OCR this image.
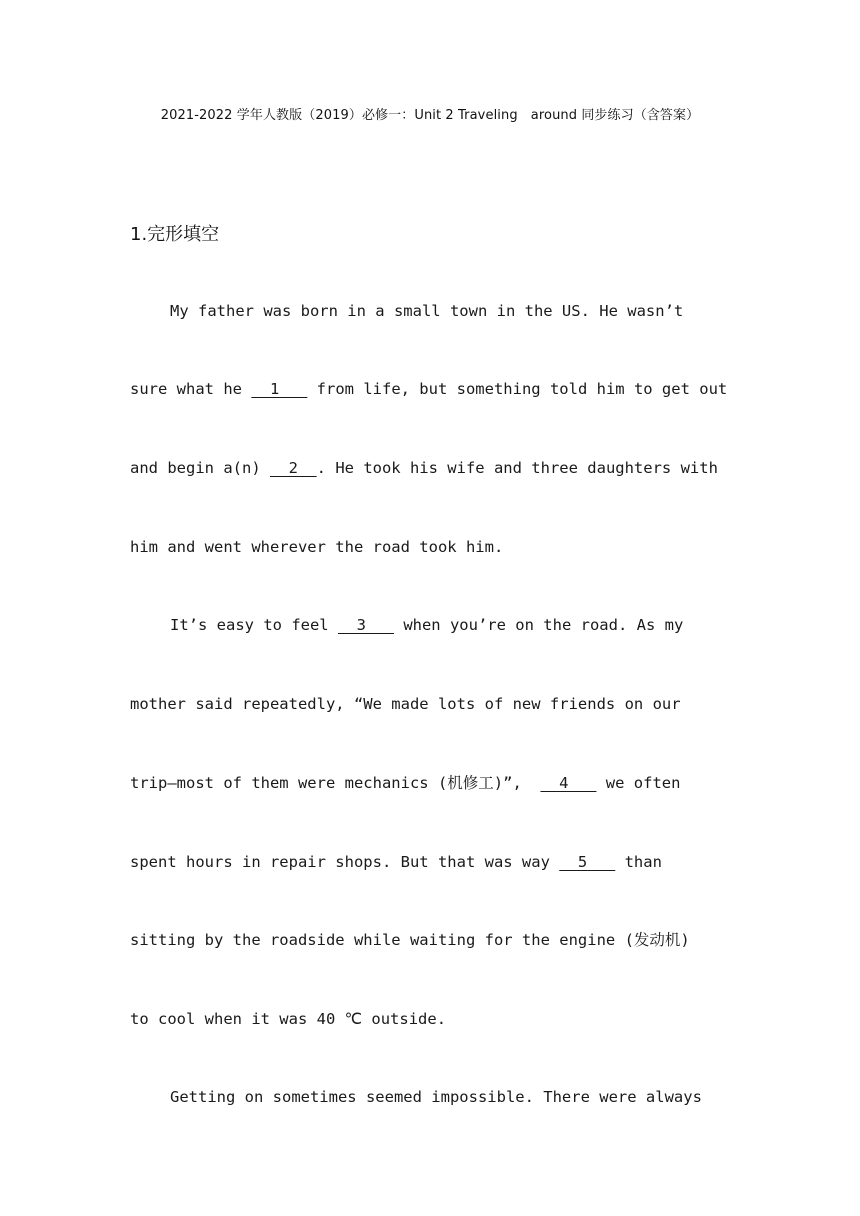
2021-2022 学年人教版（2019）必修一：Unit 2 Traveling　around 同步练习（含答案）
1.完形填空
My father was born in a small town in the US. He wasn’t
sure what he   1    from life, but something told him to get out
and begin a(n)   2  . He took his wife and three daughters with
him and went wherever the road took him.
It’s easy to feel   3    when you’re on the road. As my
mother said repeatedly, “We made lots of new friends on our
trip—most of them were mechanics (机修工)”,    4    we often
spent hours in repair shops. But that was way   5    than
sitting by the roadside while waiting for the engine (发动机)
to cool when it was 40 ℃ outside.
Getting on sometimes seemed impossible. There were always
